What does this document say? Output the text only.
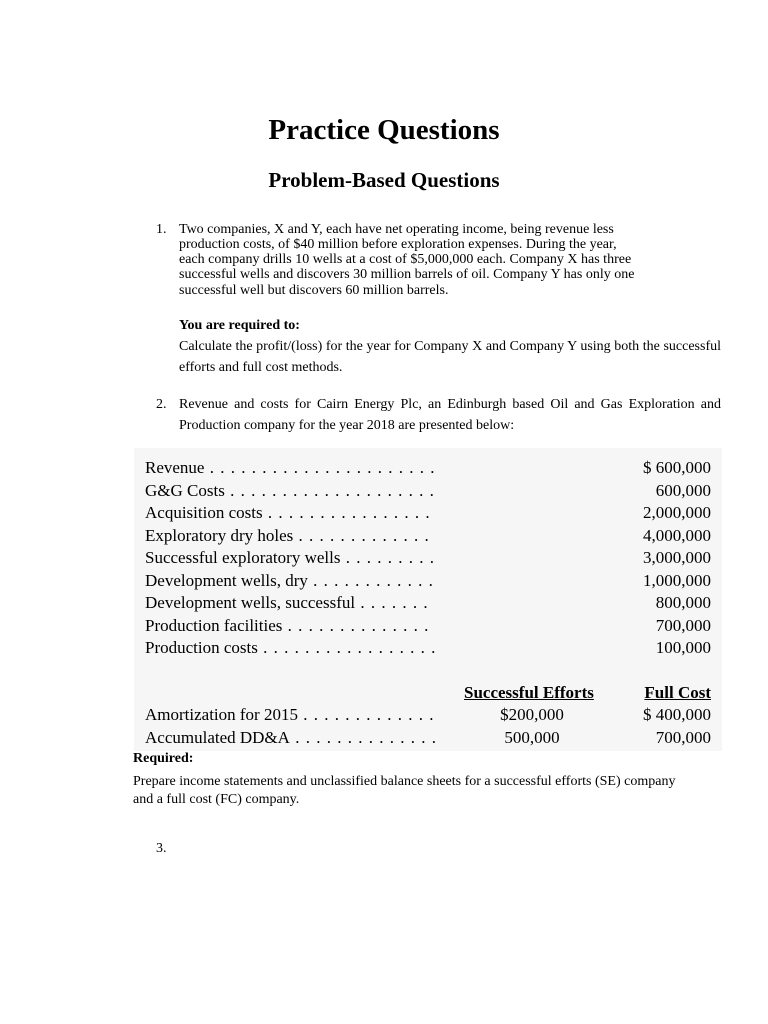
Practice Questions
Problem-Based Questions
1. Two companies, X and Y, each have net operating income, being revenue less
production costs, of $40 million before exploration expenses. During the year,
each company drills 10 wells at a cost of $5,000,000 each. Company X has three
successful wells and discovers 30 million barrels of oil. Company Y has only one
successful well but discovers 60 million barrels.
You are required to:
Calculate the profit/(loss) for the year for Company X and Company Y using both the successful efforts and full cost methods.
2. Revenue and costs for Cairn Energy Plc, an Edinburgh based Oil and Gas Exploration and Production company for the year 2018 are presented below:
Revenue . . .	$ 600,000
G&G Costs . . .	600,000
Acquisition costs . . .	2,000,000
Exploratory dry holes . . .	4,000,000
Successful exploratory wells . . .	3,000,000
Development wells, dry . . .	1,000,000
Development wells, successful . . .	800,000
Production facilities . . .	700,000
Production costs . . .	100,000
Successful Efforts	Full Cost
Amortization for 2015 . . .	$200,000	$ 400,000
Accumulated DD&A . . .	500,000	700,000
Required:
Prepare income statements and unclassified balance sheets for a successful efforts (SE) company and a full cost (FC) company.
3.
